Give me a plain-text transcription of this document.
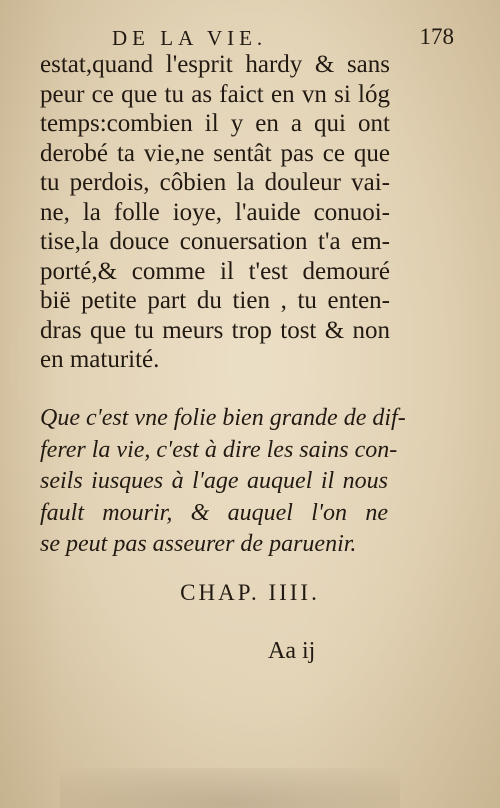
DE LA VIE.	178
estat,quand l'esprit hardy & sans
peur ce que tu as faict en vn si lóg
temps:combien il y en a qui ont
derobé ta vie,ne sentât pas ce que
tu perdois, côbien la douleur vai-
ne, la folle ioye, l'auide conuoi-
tise,la douce conuersation t'a em-
porté,& comme il t'est demouré
bië petite part du tien , tu enten-
dras que tu meurs trop tost & non
en maturité.
Que c'est vne folie bien grande de dif-
ferer la vie, c'est à dire les sains con-
seils iusques à l'age auquel il nous
fault mourir, & auquel l'on ne
se peut pas asseurer de paruenir.
CHAP. IIII.
Aa ij
